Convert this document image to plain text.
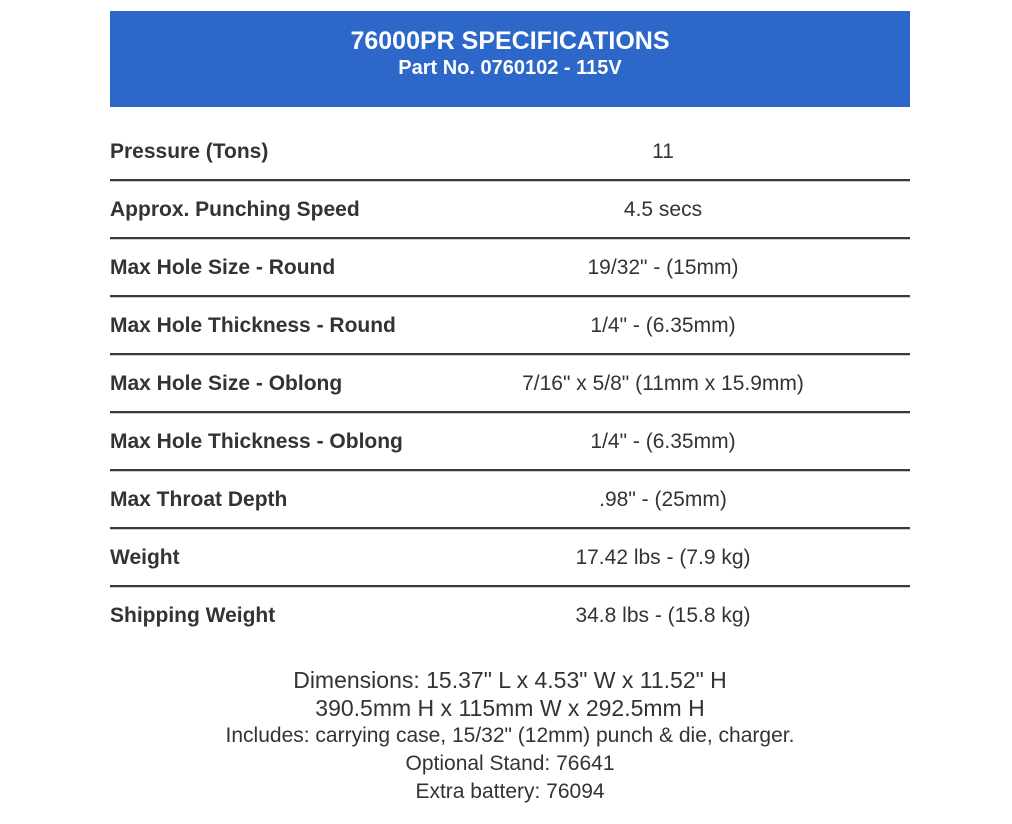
76000PR SPECIFICATIONS
Part No. 0760102 - 115V
Pressure (Tons)	11
Approx. Punching Speed	4.5 secs
Max Hole Size - Round	19/32" - (15mm)
Max Hole Thickness - Round	1/4" - (6.35mm)
Max Hole Size - Oblong	7/16" x 5/8" (11mm x 15.9mm)
Max Hole Thickness - Oblong	1/4" - (6.35mm)
Max Throat Depth	.98" - (25mm)
Weight	17.42 lbs - (7.9 kg)
Shipping Weight	34.8 lbs - (15.8 kg)
Dimensions: 15.37" L x 4.53" W x 11.52" H
390.5mm H x 115mm W x 292.5mm H
Includes: carrying case, 15/32" (12mm) punch & die, charger.
Optional Stand: 76641
Extra battery: 76094
